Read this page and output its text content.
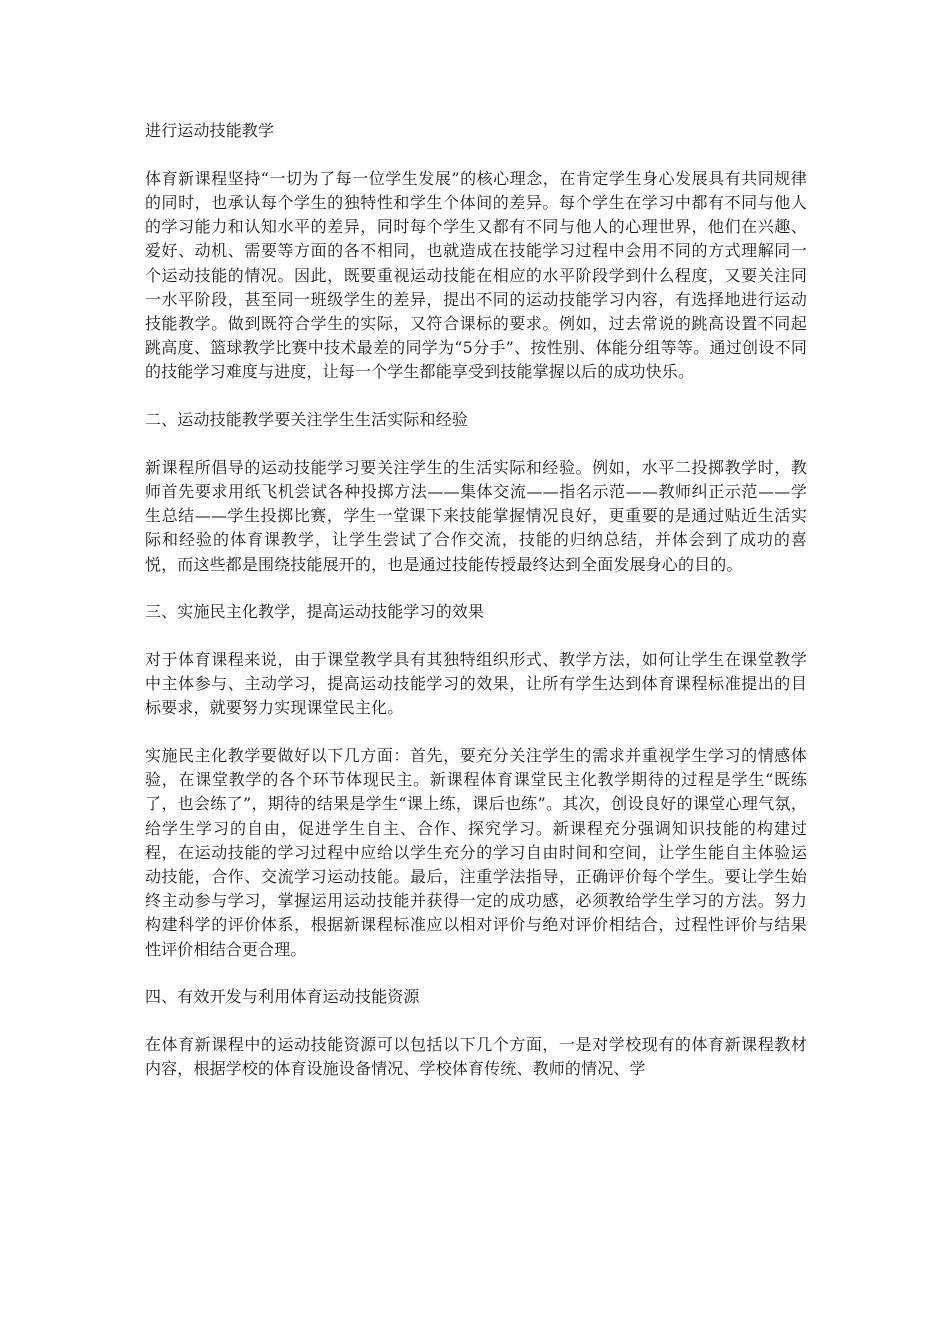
进行运动技能教学

体育新课程坚持“一切为了每一位学生发展”的核心理念，在肯定学生身心发展具有共同规律的同时，也承认每个学生的独特性和学生个体间的差异。每个学生在学习中都有不同与他人的学习能力和认知水平的差异，同时每个学生又都有不同与他人的心理世界，他们在兴趣、爱好、动机、需要等方面的各不相同，也就造成在技能学习过程中会用不同的方式理解同一个运动技能的情况。因此，既要重视运动技能在相应的水平阶段学到什么程度，又要关注同一水平阶段，甚至同一班级学生的差异，提出不同的运动技能学习内容，有选择地进行运动技能教学。做到既符合学生的实际，又符合课标的要求。例如，过去常说的跳高设置不同起跳高度、篮球教学比赛中技术最差的同学为“5分手”、按性别、体能分组等等。通过创设不同的技能学习难度与进度，让每一个学生都能享受到技能掌握以后的成功快乐。

二、运动技能教学要关注学生生活实际和经验

新课程所倡导的运动技能学习要关注学生的生活实际和经验。例如，水平二投掷教学时，教师首先要求用纸飞机尝试各种投掷方法——集体交流——指名示范——教师纠正示范——学生总结——学生投掷比赛，学生一堂课下来技能掌握情况良好，更重要的是通过贴近生活实际和经验的体育课教学，让学生尝试了合作交流，技能的归纳总结，并体会到了成功的喜悦，而这些都是围绕技能展开的，也是通过技能传授最终达到全面发展身心的目的。

三、实施民主化教学，提高运动技能学习的效果

对于体育课程来说，由于课堂教学具有其独特组织形式、教学方法，如何让学生在课堂教学中主体参与、主动学习，提高运动技能学习的效果，让所有学生达到体育课程标准提出的目标要求，就要努力实现课堂民主化。

实施民主化教学要做好以下几方面：首先，要充分关注学生的需求并重视学生学习的情感体验，在课堂教学的各个环节体现民主。新课程体育课堂民主化教学期待的过程是学生“既练了，也会练了”，期待的结果是学生“课上练，课后也练”。其次，创设良好的课堂心理气氛，给学生学习的自由，促进学生自主、合作、探究学习。新课程充分强调知识技能的构建过程，在运动技能的学习过程中应给以学生充分的学习自由时间和空间，让学生能自主体验运动技能，合作、交流学习运动技能。最后，注重学法指导，正确评价每个学生。要让学生始终主动参与学习，掌握运用运动技能并获得一定的成功感，必须教给学生学习的方法。努力构建科学的评价体系，根据新课程标准应以相对评价与绝对评价相结合，过程性评价与结果性评价相结合更合理。

四、有效开发与利用体育运动技能资源

在体育新课程中的运动技能资源可以包括以下几个方面，一是对学校现有的体育新课程教材内容，根据学校的体育设施设备情况、学校体育传统、教师的情况、学
